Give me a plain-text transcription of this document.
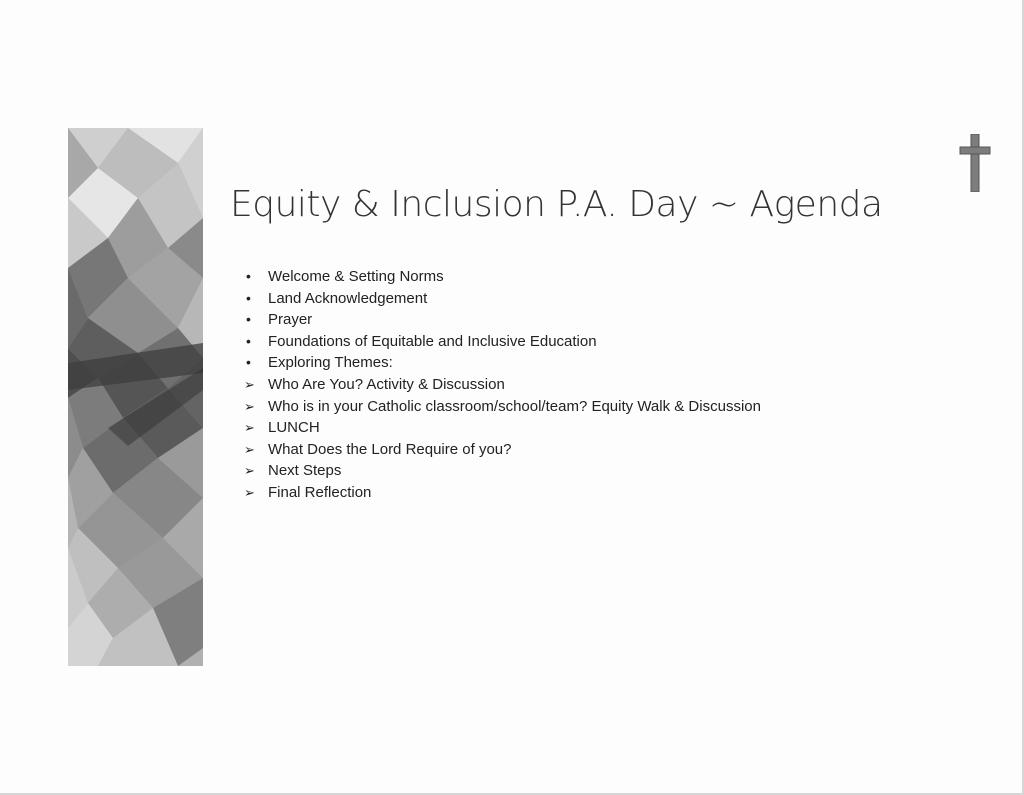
Equity & Inclusion P.A. Day ~ Agenda
•	Welcome & Setting Norms
•	Land Acknowledgement
•	Prayer
•	Foundations of Equitable and Inclusive Education
•	Exploring Themes:
➢ Who Are You? Activity & Discussion
➢ Who is in your Catholic classroom/school/team? Equity Walk & Discussion
➢ LUNCH
➢ What Does the Lord Require of you?
➢ Next Steps
➢ Final Reflection
